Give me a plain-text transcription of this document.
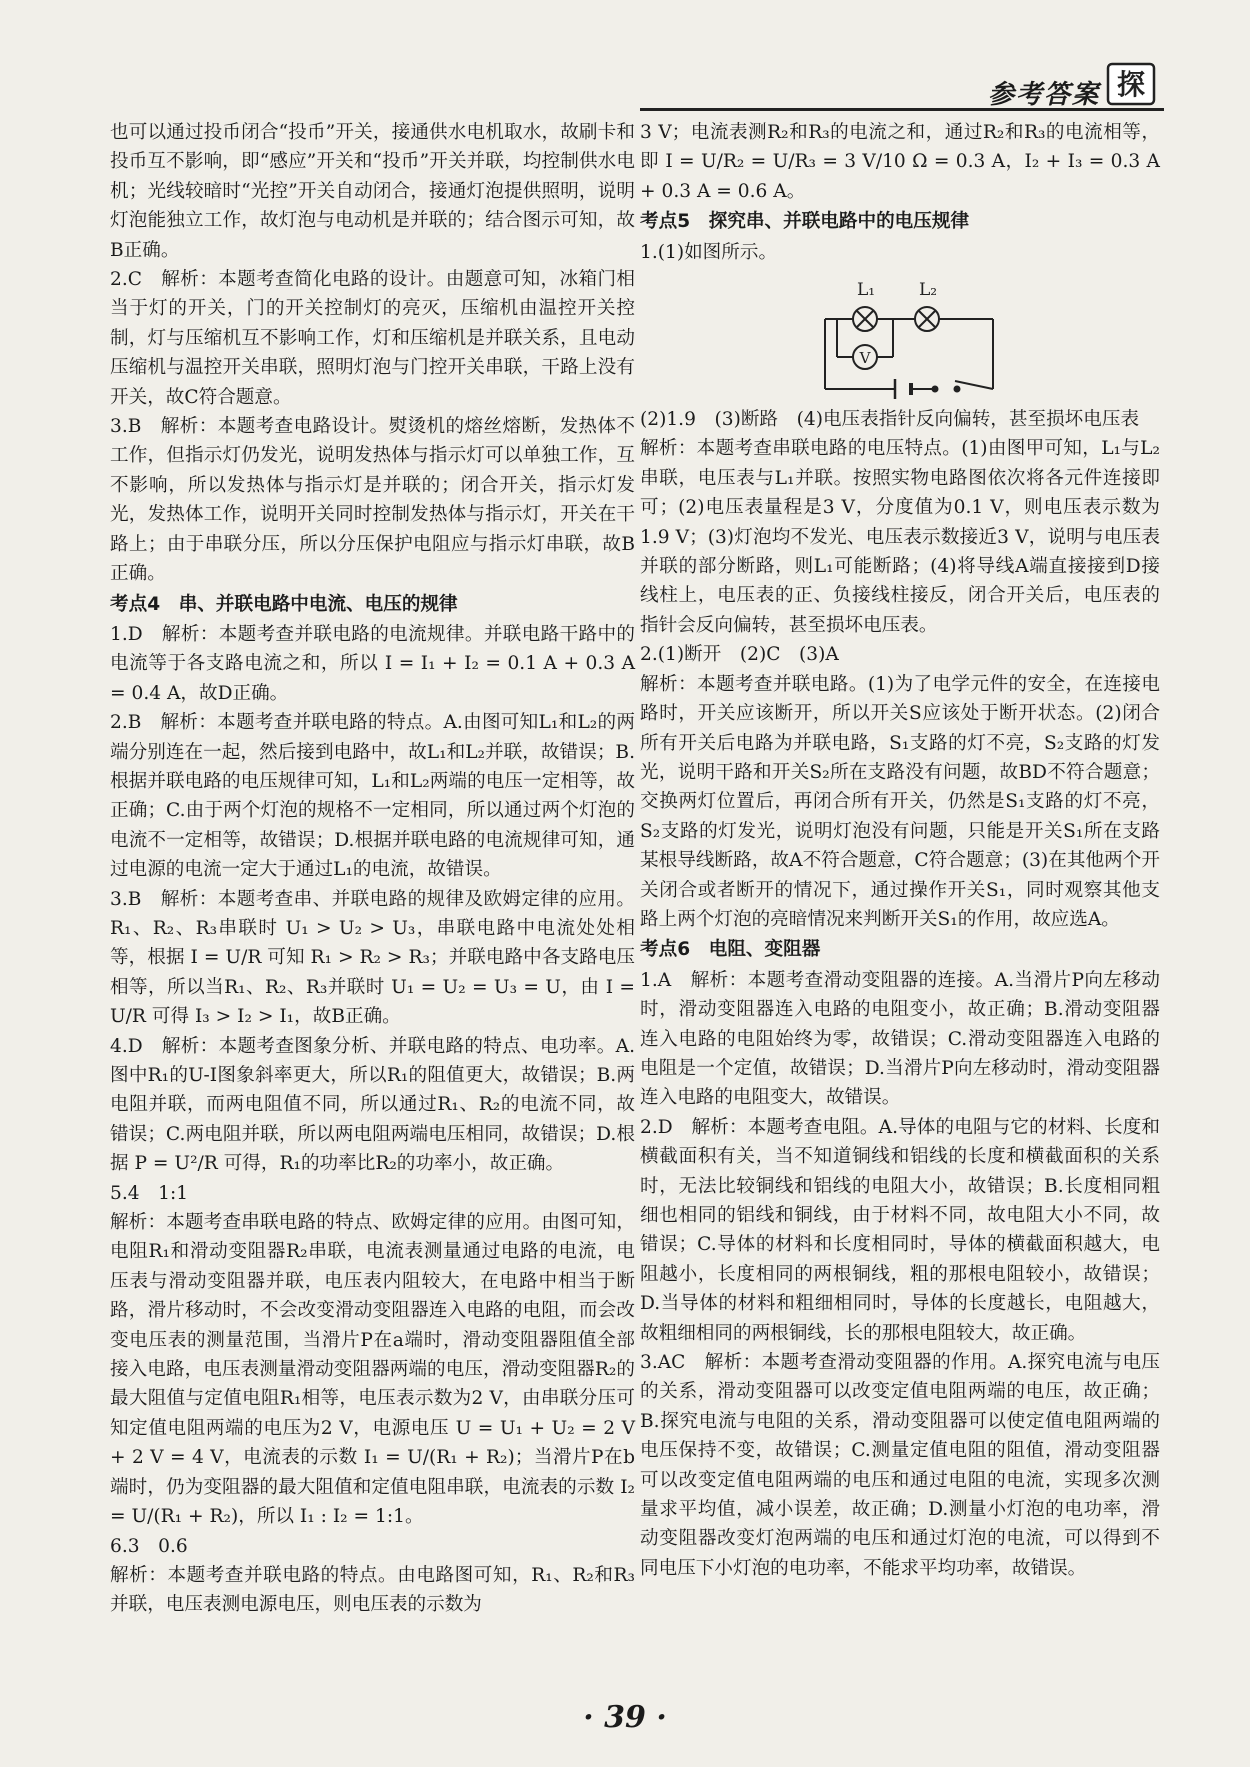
参考答案 探

也可以通过投币闭合“投币”开关，接通供水电机取水，故刷卡和投币互不影响，即“感应”开关和“投币”开关并联，均控制供水电机；光线较暗时“光控”开关自动闭合，接通灯泡提供照明，说明灯泡能独立工作，故灯泡与电动机是并联的；结合图示可知，故B正确。

2.C　解析：本题考查简化电路的设计。由题意可知，冰箱门相当于灯的开关，门的开关控制灯的亮灭，压缩机由温控开关控制，灯与压缩机互不影响工作，灯和压缩机是并联关系，且电动压缩机与温控开关串联，照明灯泡与门控开关串联，干路上没有开关，故C符合题意。

3.B　解析：本题考查电路设计。熨烫机的熔丝熔断，发热体不工作，但指示灯仍发光，说明发热体与指示灯可以单独工作，互不影响，所以发热体与指示灯是并联的；闭合开关，指示灯发光，发热体工作，说明开关同时控制发热体与指示灯，开关在干路上；由于串联分压，所以分压保护电阻应与指示灯串联，故B正确。

考点4　串、并联电路中电流、电压的规律

1.D　解析：本题考查并联电路的电流规律。并联电路干路中的电流等于各支路电流之和，所以 I = I₁ + I₂ = 0.1 A + 0.3 A = 0.4 A，故D正确。

2.B　解析：本题考查并联电路的特点。A.由图可知L₁和L₂的两端分别连在一起，然后接到电路中，故L₁和L₂并联，故错误；B.根据并联电路的电压规律可知，L₁和L₂两端的电压一定相等，故正确；C.由于两个灯泡的规格不一定相同，所以通过两个灯泡的电流不一定相等，故错误；D.根据并联电路的电流规律可知，通过电源的电流一定大于通过L₁的电流，故错误。

3.B　解析：本题考查串、并联电路的规律及欧姆定律的应用。R₁、R₂、R₃串联时 U₁ > U₂ > U₃，串联电路中电流处处相等，根据 I = U/R 可知 R₁ > R₂ > R₃；并联电路中各支路电压相等，所以当R₁、R₂、R₃并联时 U₁ = U₂ = U₃ = U，由 I = U/R 可得 I₃ > I₂ > I₁，故B正确。

4.D　解析：本题考查图象分析、并联电路的特点、电功率。A.图中R₁的U-I图象斜率更大，所以R₁的阻值更大，故错误；B.两电阻并联，而两电阻值不同，所以通过R₁、R₂的电流不同，故错误；C.两电阻并联，所以两电阻两端电压相同，故错误；D.根据 P = U²/R 可得，R₁的功率比R₂的功率小，故正确。

5.4　1:1

解析：本题考查串联电路的特点、欧姆定律的应用。由图可知，电阻R₁和滑动变阻器R₂串联，电流表测量通过电路的电流，电压表与滑动变阻器并联，电压表内阻较大，在电路中相当于断路，滑片移动时，不会改变滑动变阻器连入电路的电阻，而会改变电压表的测量范围，当滑片P在a端时，滑动变阻器阻值全部接入电路，电压表测量滑动变阻器两端的电压，滑动变阻器R₂的最大阻值与定值电阻R₁相等，电压表示数为2 V，由串联分压可知定值电阻两端的电压为2 V，电源电压 U = U₁ + U₂ = 2 V + 2 V = 4 V，电流表的示数 I₁ = U/(R₁ + R₂)；当滑片P在b端时，仍为变阻器的最大阻值和定值电阻串联，电流表的示数 I₂ = U/(R₁ + R₂)，所以 I₁ : I₂ = 1:1。

6.3　0.6

解析：本题考查并联电路的特点。由电路图可知，R₁、R₂和R₃并联，电压表测电源电压，则电压表的示数为

3 V；电流表测R₂和R₃的电流之和，通过R₂和R₃的电流相等，即 I = U/R₂ = U/R₃ = 3 V/10 Ω = 0.3 A，I₂ + I₃ = 0.3 A + 0.3 A = 0.6 A。

考点5　探究串、并联电路中的电压规律

1.(1)如图所示。

L₁	L₂
V

(2)1.9　(3)断路　(4)电压表指针反向偏转，甚至损坏电压表

解析：本题考查串联电路的电压特点。(1)由图甲可知，L₁与L₂串联，电压表与L₁并联。按照实物电路图依次将各元件连接即可；(2)电压表量程是3 V，分度值为0.1 V，则电压表示数为1.9 V；(3)灯泡均不发光、电压表示数接近3 V，说明与电压表并联的部分断路，则L₁可能断路；(4)将导线A端直接接到D接线柱上，电压表的正、负接线柱接反，闭合开关后，电压表的指针会反向偏转，甚至损坏电压表。

2.(1)断开　(2)C　(3)A

解析：本题考查并联电路。(1)为了电学元件的安全，在连接电路时，开关应该断开，所以开关S应该处于断开状态。(2)闭合所有开关后电路为并联电路，S₁支路的灯不亮，S₂支路的灯发光，说明干路和开关S₂所在支路没有问题，故BD不符合题意；交换两灯位置后，再闭合所有开关，仍然是S₁支路的灯不亮，S₂支路的灯发光，说明灯泡没有问题，只能是开关S₁所在支路某根导线断路，故A不符合题意，C符合题意；(3)在其他两个开关闭合或者断开的情况下，通过操作开关S₁，同时观察其他支路上两个灯泡的亮暗情况来判断开关S₁的作用，故应选A。

考点6　电阻、变阻器

1.A　解析：本题考查滑动变阻器的连接。A.当滑片P向左移动时，滑动变阻器连入电路的电阻变小，故正确；B.滑动变阻器连入电路的电阻始终为零，故错误；C.滑动变阻器连入电路的电阻是一个定值，故错误；D.当滑片P向左移动时，滑动变阻器连入电路的电阻变大，故错误。

2.D　解析：本题考查电阻。A.导体的电阻与它的材料、长度和横截面积有关，当不知道铜线和铝线的长度和横截面积的关系时，无法比较铜线和铝线的电阻大小，故错误；B.长度相同粗细也相同的铝线和铜线，由于材料不同，故电阻大小不同，故错误；C.导体的材料和长度相同时，导体的横截面积越大，电阻越小，长度相同的两根铜线，粗的那根电阻较小，故错误；D.当导体的材料和粗细相同时，导体的长度越长，电阻越大，故粗细相同的两根铜线，长的那根电阻较大，故正确。

3.AC　解析：本题考查滑动变阻器的作用。A.探究电流与电压的关系，滑动变阻器可以改变定值电阻两端的电压，故正确；B.探究电流与电阻的关系，滑动变阻器可以使定值电阻两端的电压保持不变，故错误；C.测量定值电阻的阻值，滑动变阻器可以改变定值电阻两端的电压和通过电阻的电流，实现多次测量求平均值，减小误差，故正确；D.测量小灯泡的电功率，滑动变阻器改变灯泡两端的电压和通过灯泡的电流，可以得到不同电压下小灯泡的电功率，不能求平均功率，故错误。

· 39 ·
